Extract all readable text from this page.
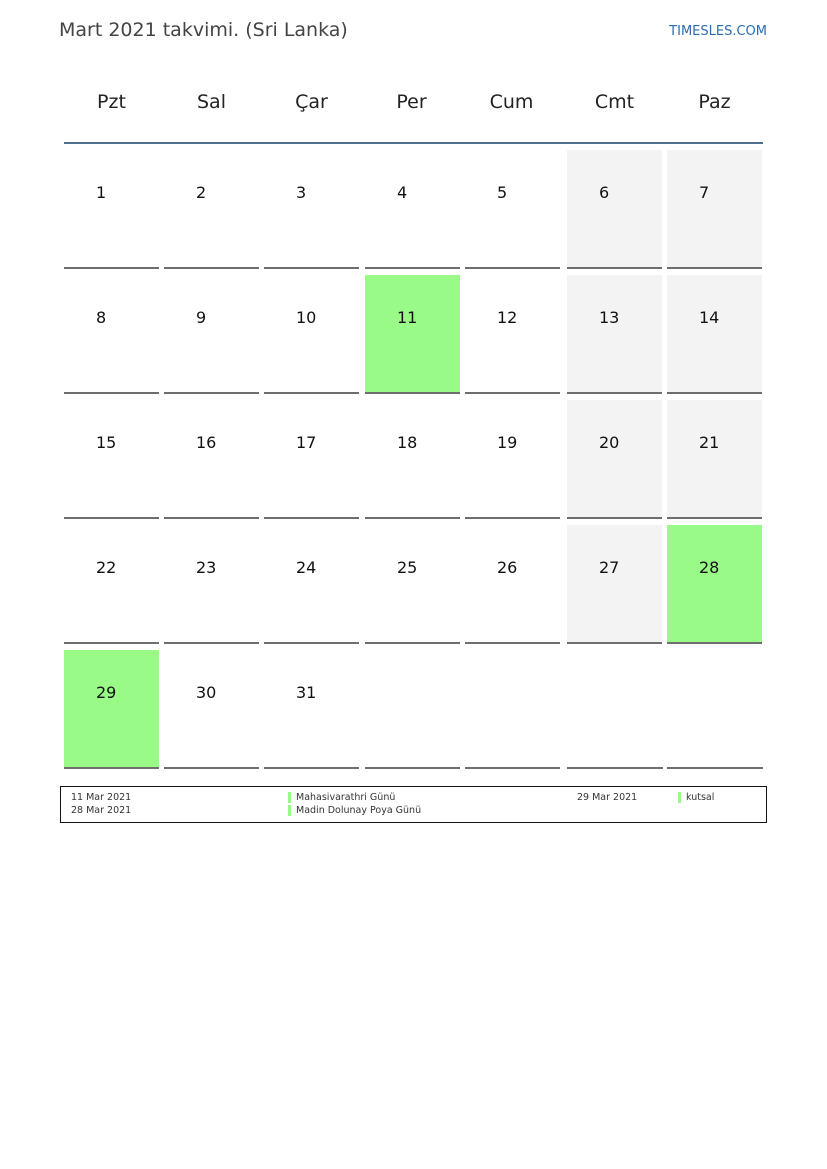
Mart 2021 takvimi. (Sri Lanka)	TIMESLES.COM
Pzt	Sal	Çar	Per	Cum	Cmt	Paz
1	2	3	4	5	6	7
8	9	10	11	12	13	14
15	16	17	18	19	20	21
22	23	24	25	26	27	28
29	30	31
11 Mar 2021	Mahasivarathri Günü
28 Mar 2021	Madin Dolunay Poya Günü
29 Mar 2021	kutsal
